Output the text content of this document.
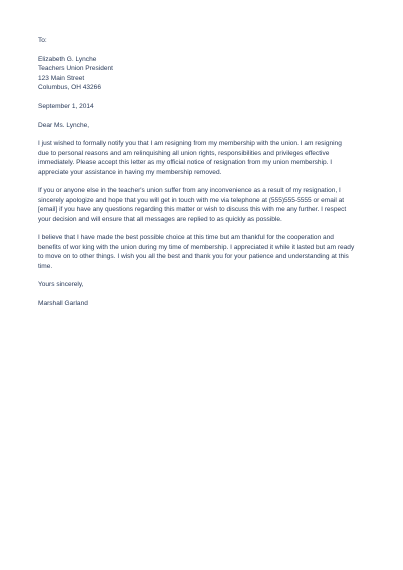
To:
Elizabeth G. Lynche
Teachers Union President
123 Main Street
Columbus, OH 43266
September 1, 2014
Dear Ms. Lynche,
I just wished to formally notify you that I am resigning from my membership with the union. I am resigning
due to personal reasons and am relinquishing all union rights, responsibilities and privileges effective
immediately. Please accept this letter as my official notice of resignation from my union membership. I
appreciate your assistance in having my membership removed.
If you or anyone else in the teacher's union suffer from any inconvenience as a result of my resignation, I
sincerely apologize and hope that you will get in touch with me via telephone at (555)555-5555 or email at
[email] if you have any questions regarding this matter or wish to discuss this with me any further. I respect
your decision and will ensure that all messages are replied to as quickly as possible.
I believe that I have made the best possible choice at this time but am thankful for the cooperation and
benefits of wor king with the union during my time of membership. I appreciated it while it lasted but am ready
to move on to other things. I wish you all the best and thank you for your patience and understanding at this
time.
Yours sincerely,
Marshall Garland
